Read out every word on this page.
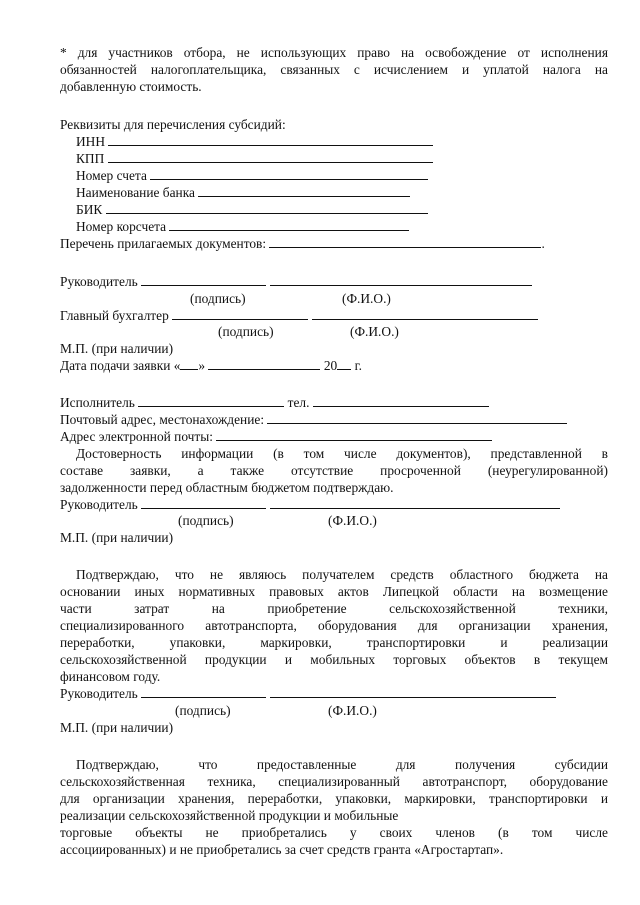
* для участников отбора, не использующих право на освобождение от исполнения
обязанностей налогоплательщика, связанных с исчислением и уплатой налога на
добавленную стоимость.
Реквизиты для перечисления субсидий:
ИНН
КПП
Номер счета
Наименование банка
БИК
Номер корсчета
Перечень прилагаемых документов:	.
Руководитель
(подпись)	(Ф.И.О.)
Главный бухгалтер
(подпись)	(Ф.И.О.)
М.П. (при наличии)
Дата подачи заявки « »	20 г.
Исполнитель	тел.
Почтовый адрес, местонахождение:
Адрес электронной почты:
Достоверность информации (в том числе документов), представленной в
составе заявки, а также отсутствие просроченной (неурегулированной)
задолженности перед областным бюджетом подтверждаю.
Руководитель
(подпись)	(Ф.И.О.)
М.П. (при наличии)
Подтверждаю, что не являюсь получателем средств областного бюджета на
основании иных нормативных правовых актов Липецкой области на возмещение
части затрат на приобретение сельскохозяйственной техники,
специализированного автотранспорта, оборудования для организации хранения,
переработки, упаковки, маркировки, транспортировки и реализации
сельскохозяйственной продукции и мобильных торговых объектов в текущем
финансовом году.
Руководитель
(подпись)	(Ф.И.О.)
М.П. (при наличии)
Подтверждаю, что предоставленные для получения субсидии
сельскохозяйственная техника, специализированный автотранспорт, оборудование
для организации хранения, переработки, упаковки, маркировки, транспортировки и
реализации сельскохозяйственной продукции и мобильные
торговые объекты не приобретались у своих членов (в том числе
ассоциированных) и не приобретались за счет средств гранта «Агростартап».
